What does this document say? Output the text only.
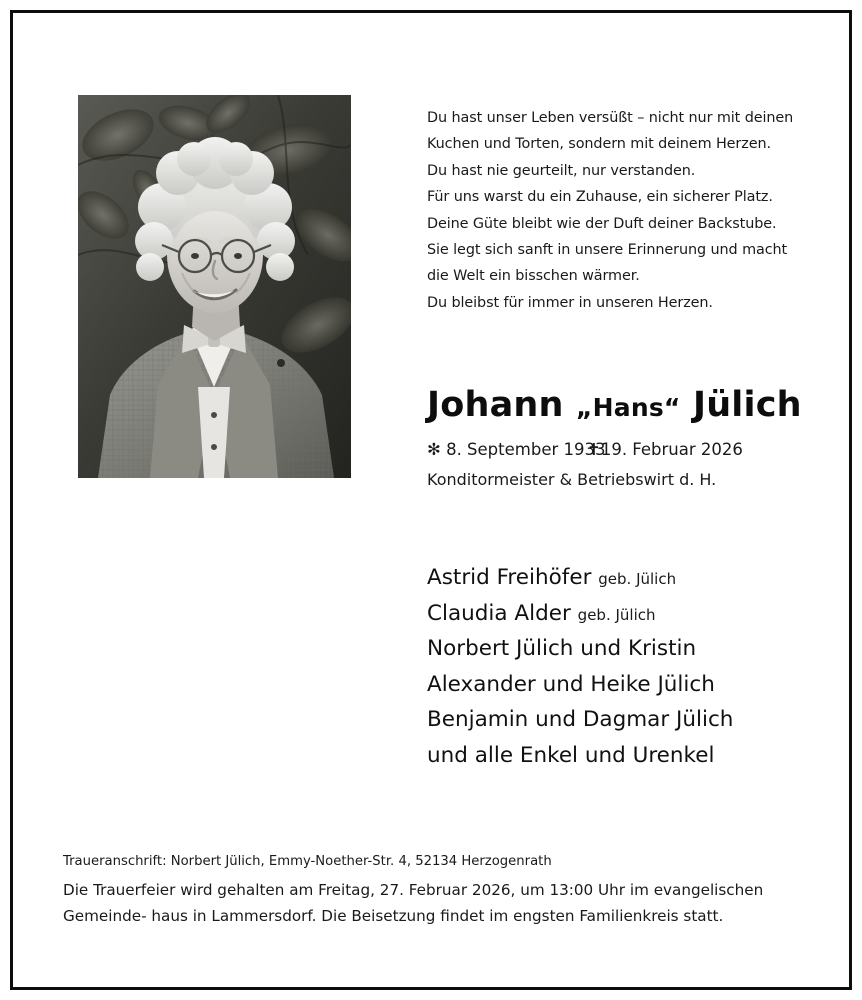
Du hast unser Leben versüßt – nicht nur mit deinen
Kuchen und Torten, sondern mit deinem Herzen.
Du hast nie geurteilt, nur verstanden.
Für uns warst du ein Zuhause, ein sicherer Platz.
Deine Güte bleibt wie der Duft deiner Backstube.
Sie legt sich sanft in unsere Erinnerung und macht
die Welt ein bisschen wärmer.
Du bleibst für immer in unseren Herzen.
Johann „Hans“ Jülich
✻ 8. September 1933✝19. Februar 2026
Konditormeister & Betriebswirt d. H.
Astrid Freihöfer geb. Jülich
Claudia Alder geb. Jülich
Norbert Jülich und Kristin
Alexander und Heike Jülich
Benjamin und Dagmar Jülich
und alle Enkel und Urenkel
Traueranschrift: Norbert Jülich, Emmy-Noether-Str. 4, 52134 Herzogenrath
Die Trauerfeier wird gehalten am Freitag, 27. Februar 2026, um 13:00 Uhr im evangelischen Gemeinde- haus in Lammersdorf. Die Beisetzung findet im engsten Familienkreis statt.
